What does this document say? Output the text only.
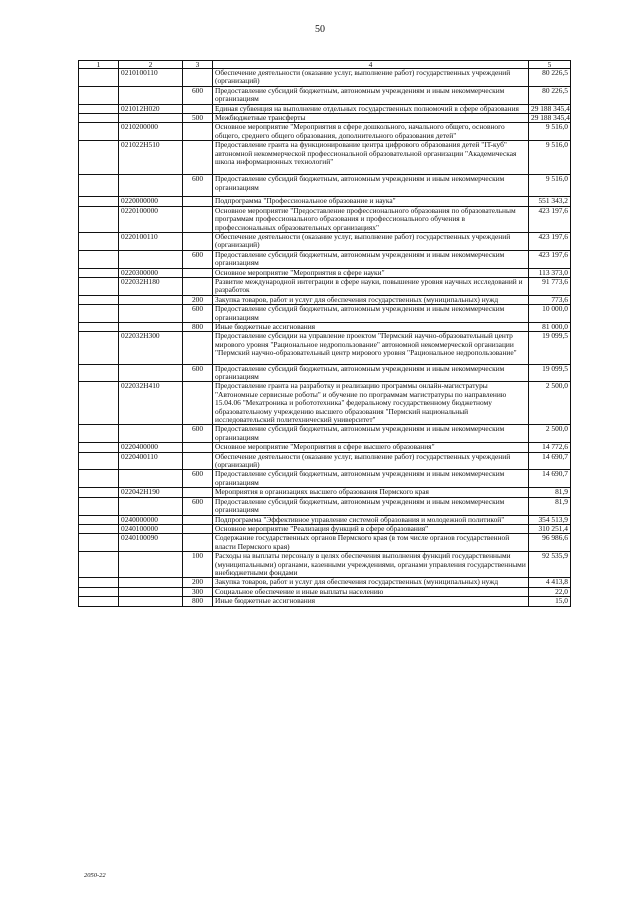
50
1	2	3	4	5
	0210100110		Обеспечение деятельности (оказание услуг, выполнение работ) государственных учреждений (организаций)	80 226,5
		600	Предоставление субсидий бюджетным, автономным учреждениям и иным некоммерческим организациям	80 226,5
	021012Н020		Единая субвенция на выполнение отдельных государственных полномочий в сфере образования	29 188 345,4
		500	Межбюджетные трансферты	29 188 345,4
	0210200000		Основное мероприятие "Мероприятия в сфере дошкольного, начального общего, основного общего, среднего общего образования, дополнительного образования детей"	9 516,0
	021022Н510		Предоставление гранта на функционирование центра цифрового образования детей "IT-куб" автономной некоммерческой профессиональной образовательной организации "Академическая школа информационных технологий"	9 516,0
		600	Предоставление субсидий бюджетным, автономным учреждениям и иным некоммерческим организациям	9 516,0
	0220000000		Подпрограмма "Профессиональное образование и наука"	551 343,2
	0220100000		Основное мероприятие "Предоставление профессионального образования по образовательным программам профессионального образования и профессионального обучения в профессиональных образовательных организациях"	423 197,6
	0220100110		Обеспечение деятельности (оказание услуг, выполнение работ) государственных учреждений (организаций)	423 197,6
		600	Предоставление субсидий бюджетным, автономным учреждениям и иным некоммерческим организациям	423 197,6
	0220300000		Основное мероприятие "Мероприятия в сфере науки"	113 373,0
	022032Н180		Развитие международной интеграции в сфере науки, повышение уровня научных исследований и разработок	91 773,6
		200	Закупка товаров, работ и услуг для обеспечения государственных (муниципальных) нужд	773,6
		600	Предоставление субсидий бюджетным, автономным учреждениям и иным некоммерческим организациям	10 000,0
		800	Иные бюджетные ассигнования	81 000,0
	022032Н300		Предоставление субсидии на управление проектом "Пермский научно-образовательный центр мирового уровня "Рациональное недропользование" автономной некоммерческой организации "Пермский научно-образовательный центр мирового уровня "Рациональное недропользование"	19 099,5
		600	Предоставление субсидий бюджетным, автономным учреждениям и иным некоммерческим организациям	19 099,5
	022032Н410		Предоставление гранта на разработку и реализацию программы онлайн-магистратуры "Автономные сервисные роботы" и обучение по программам магистратуры по направлению 15.04.06 "Мехатроника и робототехника" федеральному государственному бюджетному образовательному учреждению высшего образования "Пермский национальный исследовательский политехнический университет"	2 500,0
		600	Предоставление субсидий бюджетным, автономным учреждениям и иным некоммерческим организациям	2 500,0
	0220400000		Основное мероприятие "Мероприятия в сфере высшего образования"	14 772,6
	0220400110		Обеспечение деятельности (оказание услуг, выполнение работ) государственных учреждений (организаций)	14 690,7
		600	Предоставление субсидий бюджетным, автономным учреждениям и иным некоммерческим организациям	14 690,7
	022042Н190		Мероприятия в организациях высшего образования Пермского края	81,9
		600	Предоставление субсидий бюджетным, автономным учреждениям и иным некоммерческим организациям	81,9
	0240000000		Подпрограмма "Эффективное управление системой образования и молодежной политикой"	354 513,9
	0240100000		Основное мероприятие "Реализация функций в сфере образования"	310 251,4
	0240100090		Содержание государственных органов Пермского края (в том числе органов государственной власти Пермского края)	96 986,6
		100	Расходы на выплаты персоналу в целях обеспечения выполнения функций государственными (муниципальными) органами, казенными учреждениями, органами управления государственными внебюджетными фондами	92 535,9
		200	Закупка товаров, работ и услуг для обеспечения государственных (муниципальных) нужд	4 413,8
		300	Социальное обеспечение и иные выплаты населению	22,0
		800	Иные бюджетные ассигнования	15,0
2050-22
